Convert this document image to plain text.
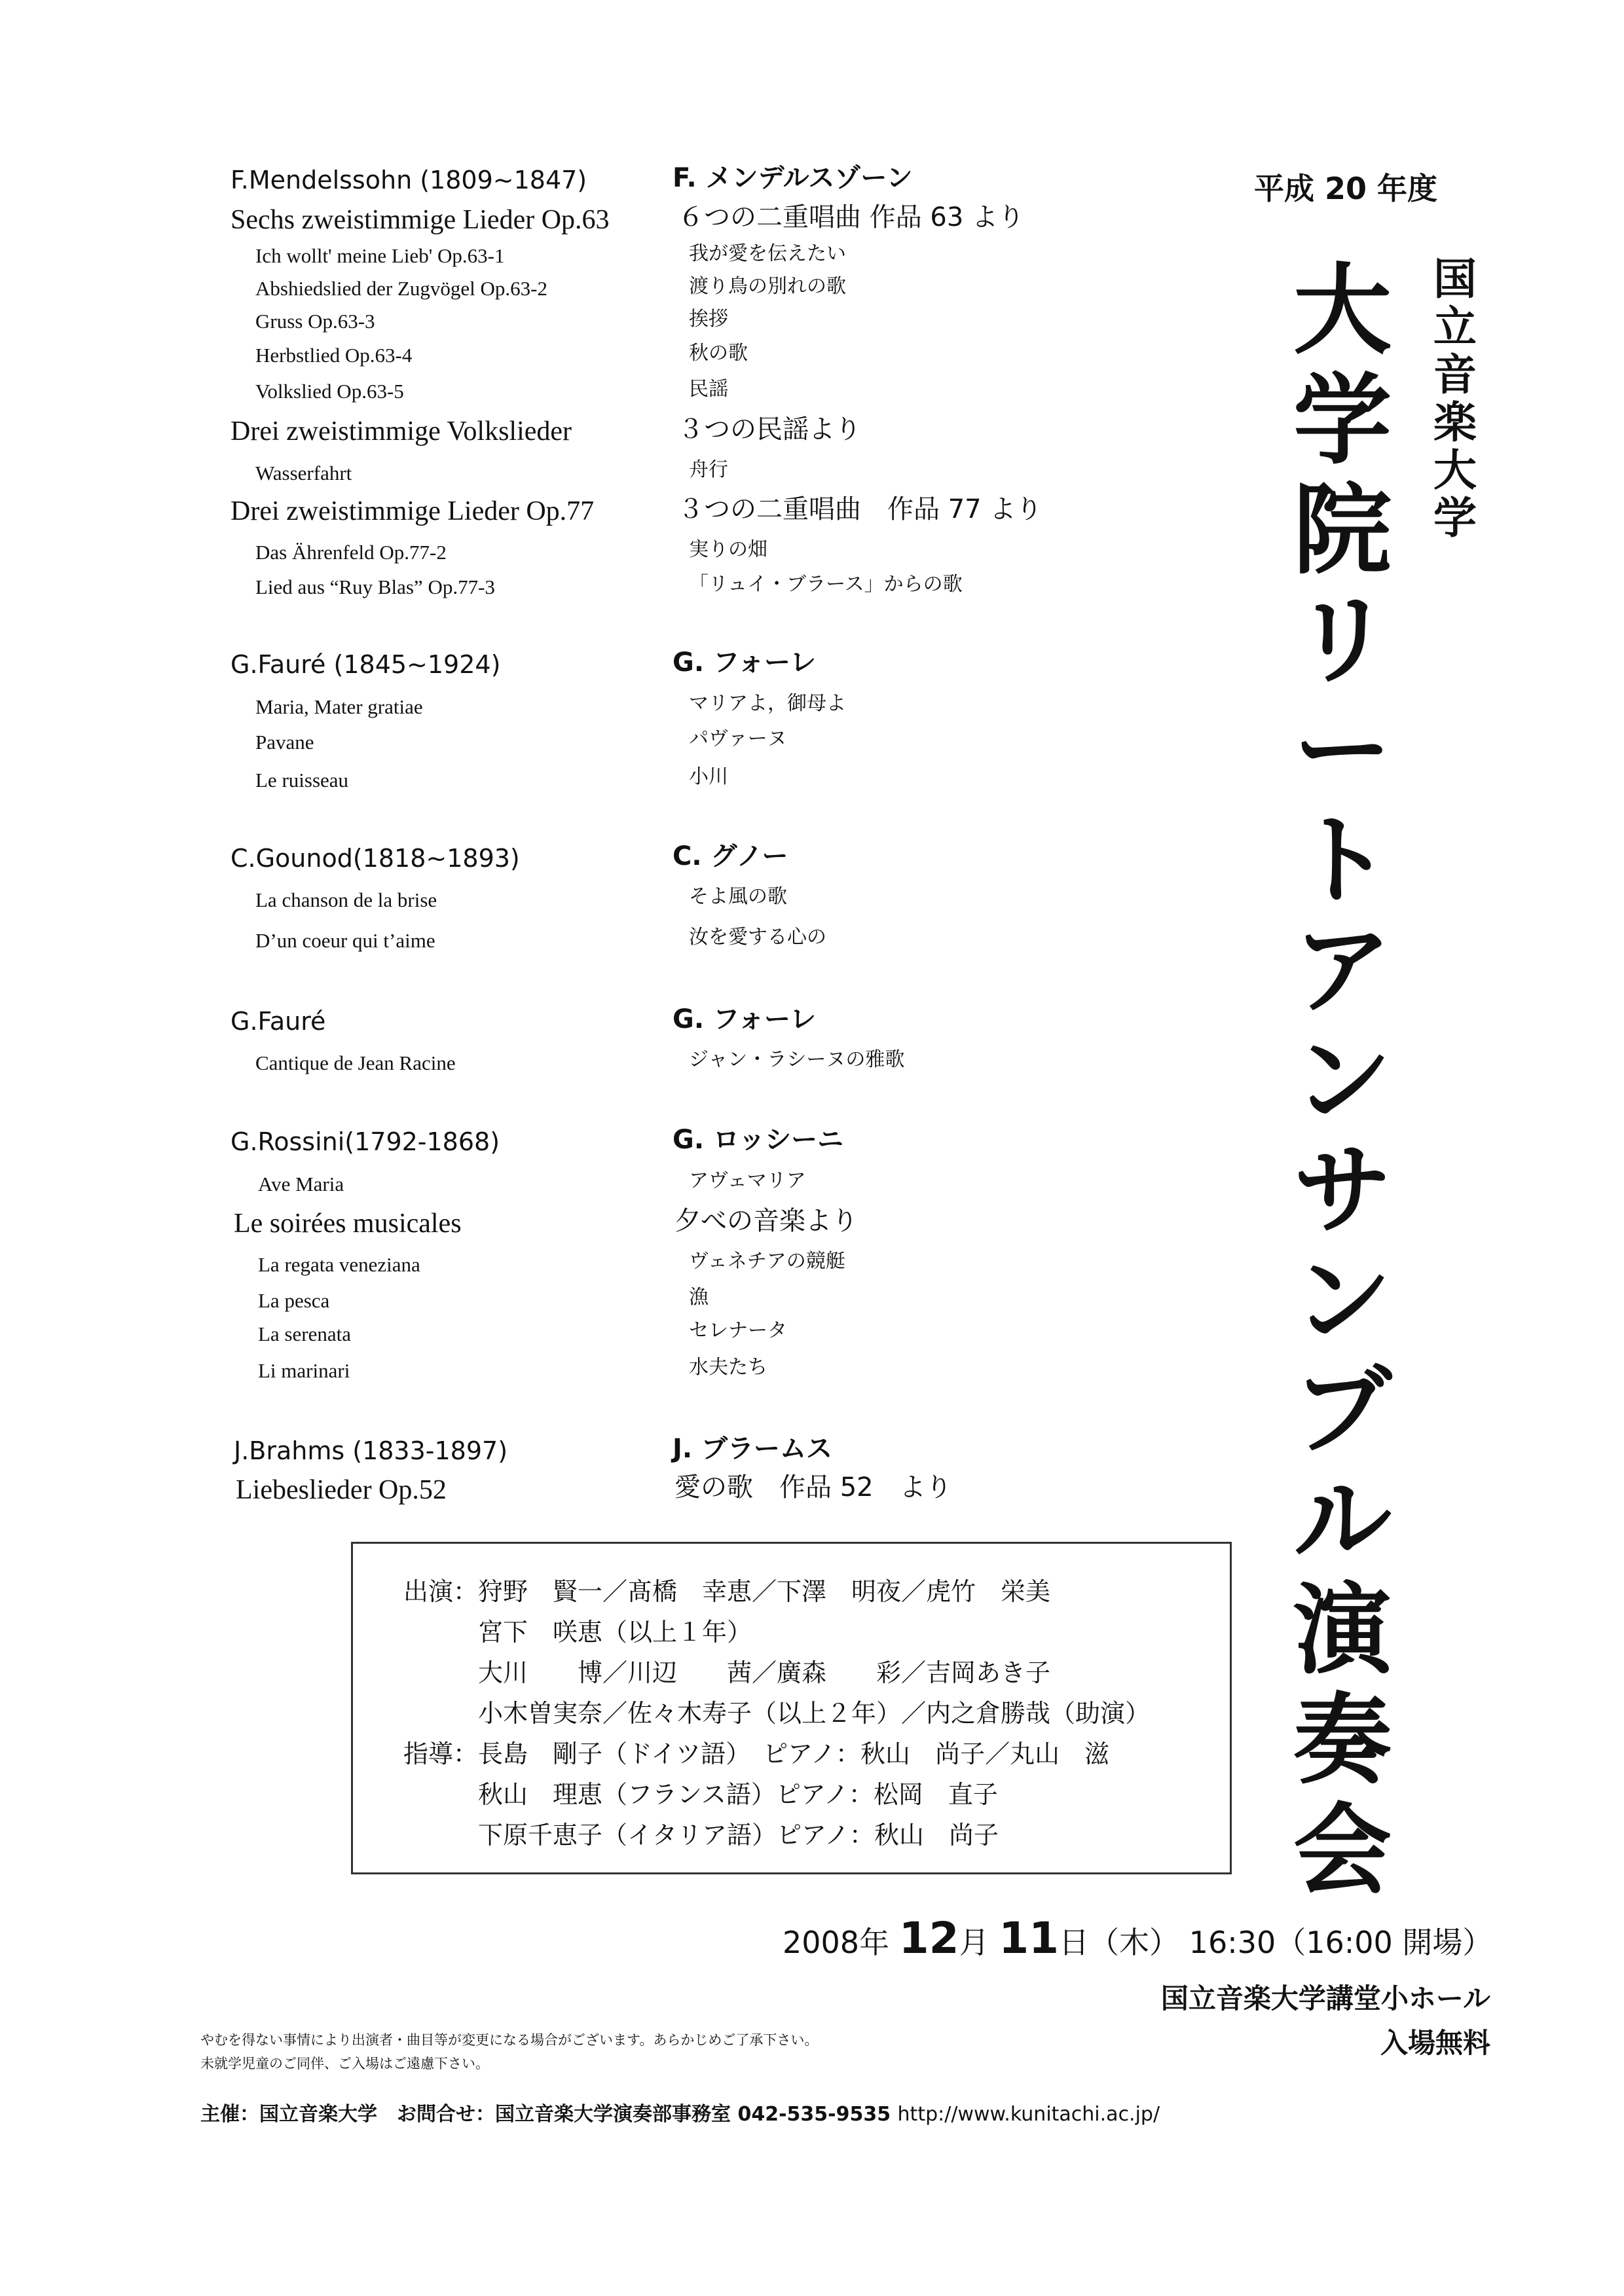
平成 20 年度
国
立
音
楽
大
学
大
学
院
リ
ー
ト
ア
ン
サ
ン
ブ
ル
演
奏
会
F.Mendelssohn (1809~1847)	F. メンデルスゾーン
Sechs zweistimmige Lieder Op.63	６つの二重唱曲 作品 63 より
Ich wollt' meine Lieb' Op.63-1	我が愛を伝えたい
Abshiedslied der Zugvögel Op.63-2	渡り鳥の別れの歌
Gruss Op.63-3	挨拶
Herbstlied Op.63-4	秋の歌
Volkslied Op.63-5	民謡
Drei zweistimmige Volkslieder	３つの民謡より
Wasserfahrt	舟行
Drei zweistimmige Lieder Op.77	３つの二重唱曲　作品 77 より
Das Ährenfeld Op.77-2	実りの畑
Lied aus “Ruy Blas” Op.77-3	「リュイ・ブラース」からの歌
G.Fauré (1845~1924)	G. フォーレ
Maria, Mater gratiae	マリアよ，御母よ
Pavane	パヴァーヌ
Le ruisseau	小川
C.Gounod(1818~1893)	C. グノー
La chanson de la brise	そよ風の歌
D’un coeur qui t’aime	汝を愛する心の
G.Fauré	G. フォーレ
Cantique de Jean Racine	ジャン・ラシーヌの雅歌
G.Rossini(1792-1868)	G. ロッシーニ
Ave Maria	アヴェマリア
Le soirées musicales	夕べの音楽より
La regata veneziana	ヴェネチアの競艇
La pesca	漁
La serenata	セレナータ
Li marinari	水夫たち
J.Brahms (1833-1897)	J. ブラームス
Liebeslieder Op.52	愛の歌　作品 52　より
出演：狩野　賢一／髙橋　幸恵／下澤　明夜／虎竹　栄美
　　　宮下　咲恵（以上１年）
　　　大川　　博／川辺　　茜／廣森　　彩／吉岡あき子
　　　小木曽実奈／佐々木寿子（以上２年）／内之倉勝哉（助演）
指導：長島　剛子（ドイツ語）　ピアノ：秋山　尚子／丸山　滋
　　　秋山　理恵（フランス語）ピアノ：松岡　直子
　　　下原千恵子（イタリア語）ピアノ：秋山　尚子
2008年 12月 11日（木） 16:30（16:00 開場）
国立音楽大学講堂小ホール
入場無料
やむを得ない事情により出演者・曲目等が変更になる場合がございます。あらかじめご了承下さい。
未就学児童のご同伴、ご入場はご遠慮下さい。
主催：国立音楽大学　お問合せ：国立音楽大学演奏部事務室 042-535-9535 http://www.kunitachi.ac.jp/
